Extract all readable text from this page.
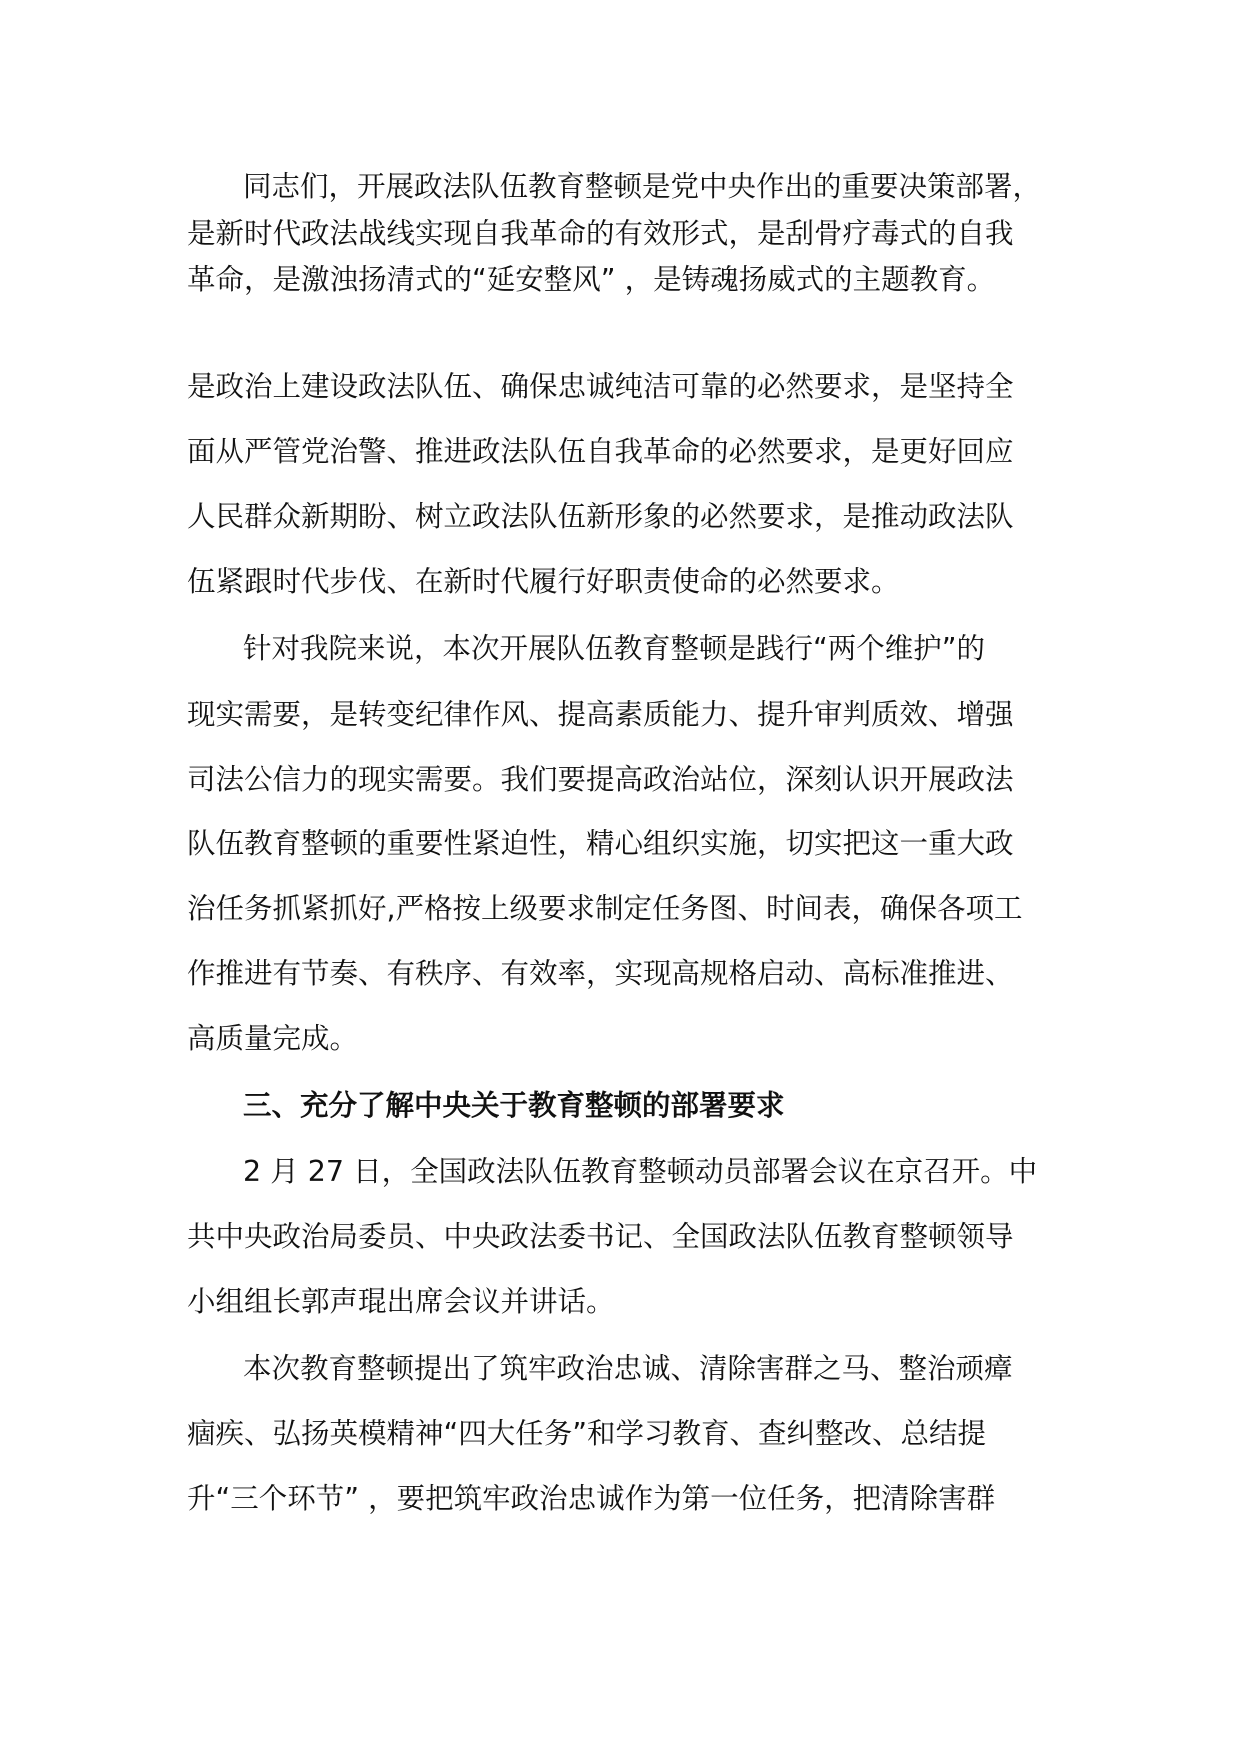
同志们，开展政法队伍教育整顿是党中央作出的重要决策部署，
是新时代政法战线实现自我革命的有效形式，是刮骨疗毒式的自我
革命，是激浊扬清式的“延安整风” ，是铸魂扬威式的主题教育。
是政治上建设政法队伍、确保忠诚纯洁可靠的必然要求，是坚持全
面从严管党治警、推进政法队伍自我革命的必然要求，是更好回应
人民群众新期盼、树立政法队伍新形象的必然要求，是推动政法队
伍紧跟时代步伐、在新时代履行好职责使命的必然要求。
针对我院来说，本次开展队伍教育整顿是践行“两个维护”的
现实需要，是转变纪律作风、提高素质能力、提升审判质效、增强
司法公信力的现实需要。我们要提高政治站位，深刻认识开展政法
队伍教育整顿的重要性紧迫性，精心组织实施，切实把这一重大政
治任务抓紧抓好,严格按上级要求制定任务图、时间表，确保各项工
作推进有节奏、有秩序、有效率，实现高规格启动、高标准推进、
高质量完成。
三、充分了解中央关于教育整顿的部署要求
2 月 27 日，全国政法队伍教育整顿动员部署会议在京召开。中
共中央政治局委员、中央政法委书记、全国政法队伍教育整顿领导
小组组长郭声琨出席会议并讲话。
本次教育整顿提出了筑牢政治忠诚、清除害群之马、整治顽瘴
痼疾、弘扬英模精神“四大任务”和学习教育、查纠整改、总结提
升“三个环节” ，要把筑牢政治忠诚作为第一位任务，把清除害群
